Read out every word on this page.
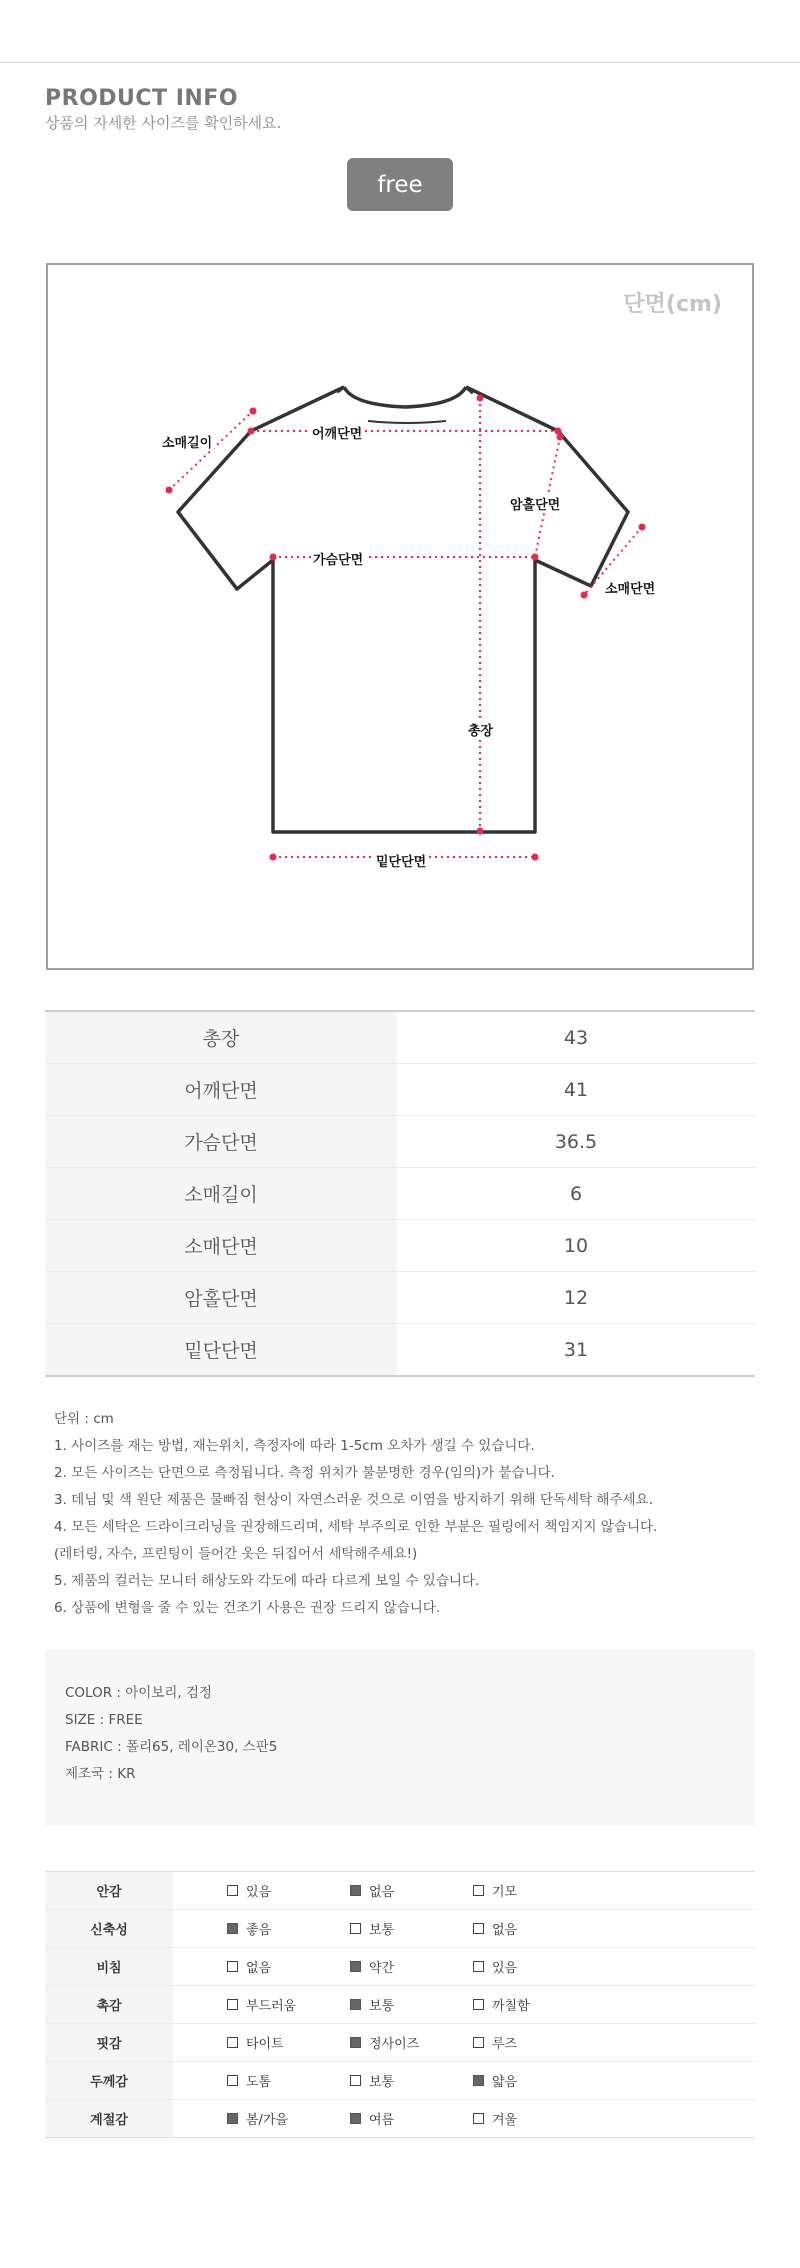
PRODUCT INFO
상품의 자세한 사이즈를 확인하세요.
free
단면(cm)
소매길이
어깨단면
암홀단면
소매단면
가슴단면
총장
밑단단면
총장	43
어깨단면	41
가슴단면	36.5
소매길이	6
소매단면	10
암홀단면	12
밑단단면	31
단위 : cm
1. 사이즈를 재는 방법, 재는위치, 측정자에 따라 1-5cm 오차가 생길 수 있습니다.
2. 모든 사이즈는 단면으로 측정됩니다. 측정 위치가 불분명한 경우(임의)가 붙습니다.
3. 데님 및 색 원단 제품은 물빠짐 현상이 자연스러운 것으로 이염을 방지하기 위해 단독세탁 해주세요.
4. 모든 세탁은 드라이크리닝을 권장해드리며, 세탁 부주의로 인한 부분은 필링에서 책임지지 않습니다.
(레터링, 자수, 프린팅이 들어간 옷은 뒤집어서 세탁해주세요!)
5. 제품의 컬러는 모니터 해상도와 각도에 따라 다르게 보일 수 있습니다.
6. 상품에 변형을 줄 수 있는 건조기 사용은 권장 드리지 않습니다.
COLOR : 아이보리, 검정
SIZE : FREE
FABRIC : 폴리65, 레이온30, 스판5
제조국 : KR
안감	있음	없음	기모
신축성	좋음	보통	없음
비침	없음	약간	있음
촉감	부드러움	보통	까칠함
핏감	타이트	정사이즈	루즈
두께감	도톰	보통	얇음
계절감	봄/가을	여름	겨울
